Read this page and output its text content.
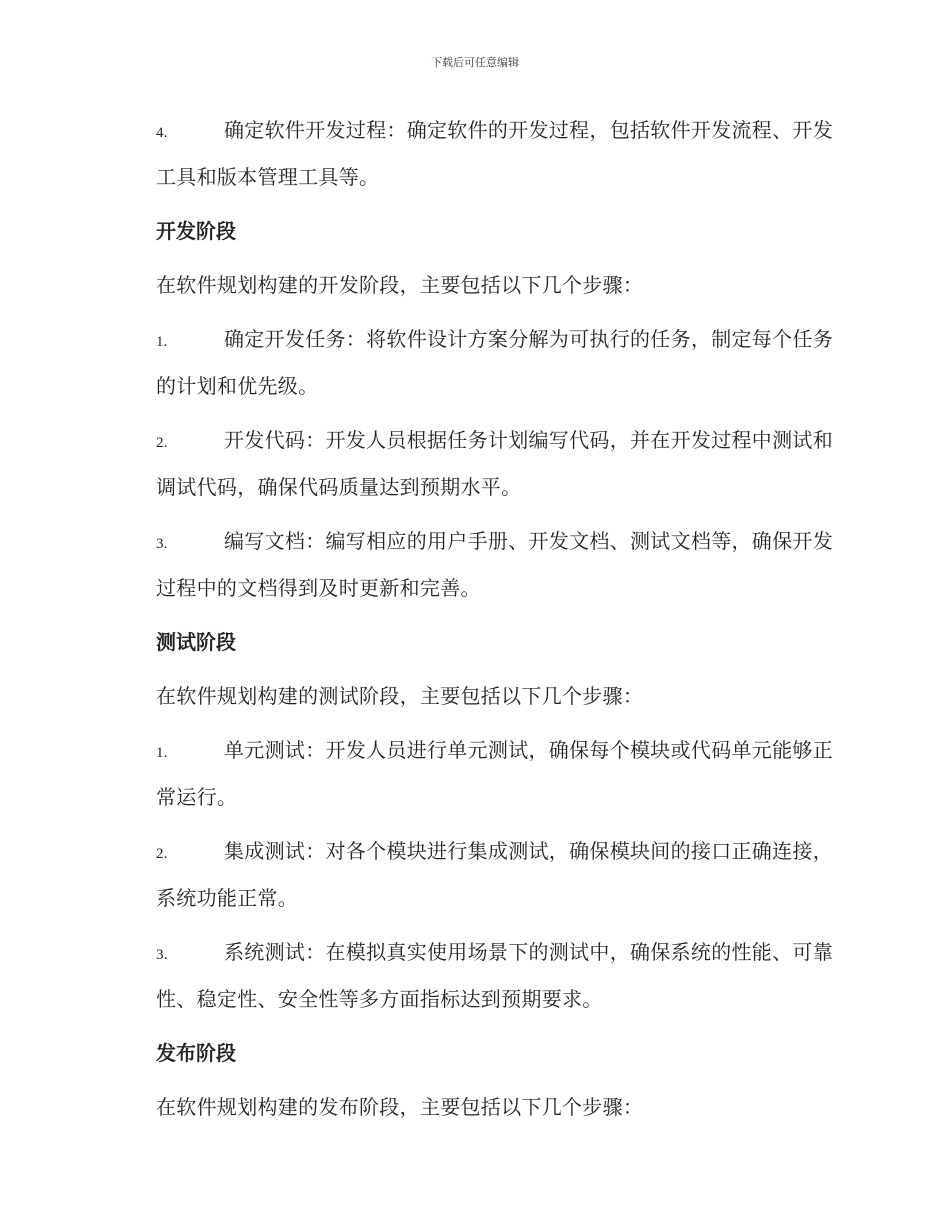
下载后可任意编辑

4.	确定软件开发过程：确定软件的开发过程，包括软件开发流程、开发工具和版本管理工具等。

开发阶段

在软件规划构建的开发阶段，主要包括以下几个步骤：

1.	确定开发任务：将软件设计方案分解为可执行的任务，制定每个任务的计划和优先级。

2.	开发代码：开发人员根据任务计划编写代码，并在开发过程中测试和调试代码，确保代码质量达到预期水平。

3.	编写文档：编写相应的用户手册、开发文档、测试文档等，确保开发过程中的文档得到及时更新和完善。

测试阶段

在软件规划构建的测试阶段，主要包括以下几个步骤：

1.	单元测试：开发人员进行单元测试，确保每个模块或代码单元能够正常运行。

2.	集成测试：对各个模块进行集成测试，确保模块间的接口正确连接，系统功能正常。

3.	系统测试：在模拟真实使用场景下的测试中，确保系统的性能、可靠性、稳定性、安全性等多方面指标达到预期要求。

发布阶段

在软件规划构建的发布阶段，主要包括以下几个步骤：
